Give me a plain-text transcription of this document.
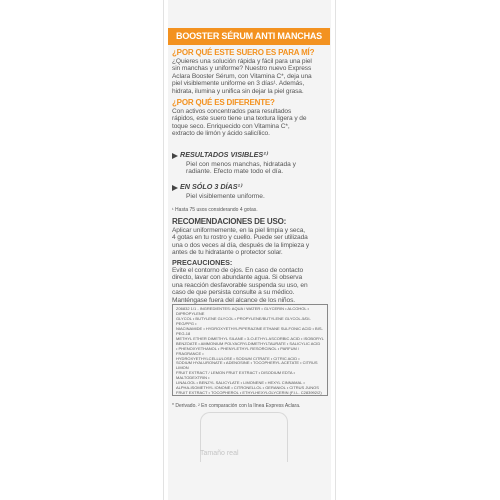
BOOSTER SÉRUM ANTI MANCHAS
¿POR QUÉ ESTE SUERO ES PARA MÍ?
¿Quieres una solución rápida y fácil para una piel
sin manchas y uniforme? Nuestro nuevo Express
Aclara Booster Sérum, con Vitamina C*, deja una
piel visiblemente uniforme en 3 días¹. Además,
hidrata, ilumina y unifica sin dejar la piel grasa.
¿POR QUÉ ES DIFERENTE?
Con activos concentrados para resultados
rápidos, este suero tiene una textura ligera y de
toque seco. Enriquecido con Vitamina C*,
extracto de limón y ácido salicílico.
RESULTADOS VISIBLES²⁾
Piel con menos manchas, hidratada y
radiante. Efecto mate todo el día.
EN SÓLO 3 DÍAS¹⁾
Piel visiblemente uniforme.
¹ Hasta 75 usos considerando 4 gotas.
RECOMENDACIONES DE USO:
Aplicar uniformemente, en la piel limpia y seca,
4 gotas en tu rostro y cuello. Puede ser utilizada
una o dos veces al día, después de la limpieza y
antes de tu hidratante o protector solar.
PRECAUCIONES:
Evite el contorno de ojos. En caso de contacto
directo, lavar con abundante agua. Si observa
una reacción desfavorable suspenda su uso, en
caso de que persista consulte a su médico.
Manténgase fuera del alcance de los niños.
Z06832 1/1 - INGREDIENTES: AQUA / WATER • GLYCERIN • ALCOHOL • DIPROPYLENE
GLYCOL • BUTYLENE GLYCOL • PROPYLENE/BUTYLENE GLYCOL-5/DI-PEG/PPG •
NIACINAMIDE • HYDROXYETHYLPIPERAZINE ETHANE SULFONIC ACID • BIS-PEG-18
METHYL ETHER DIMETHYL SILANE • 3-O-ETHYL ASCORBIC ACID • ISOBORYL
BENZOATE • AMMONIUM POLYACRYLDIMETHYLTAURATE • SALICYLIC ACID
• PHENOXYETHANOL • PHENYLETHYL RESORCINOL • PARFUM / FRAGRANCE •
HYDROXYETHYLCELLULOSE • SODIUM CITRATE • CITRIC ACID •
SODIUM HYALURONATE • ADENOSINE • TOCOPHERYL ACETATE • CITRUS LIMON
FRUIT EXTRACT / LEMON FRUIT EXTRACT • DISODIUM EDTA • MALTODEXTRIN •
LINALOOL • BENZYL SALICYLATE • LIMONENE • HEXYL CINNAMAL •
ALPHA-ISOMETHYL IONONE • CITRONELLOL • GERANIOL • CITRUS JUNOS
FRUIT EXTRACT • TOCOPHEROL • ETHYLHEXYLGLYCERIN (F.I.L. C283992/2)
* Derivado. ² En comparación con la línea Express Aclara.
Tamaño real
